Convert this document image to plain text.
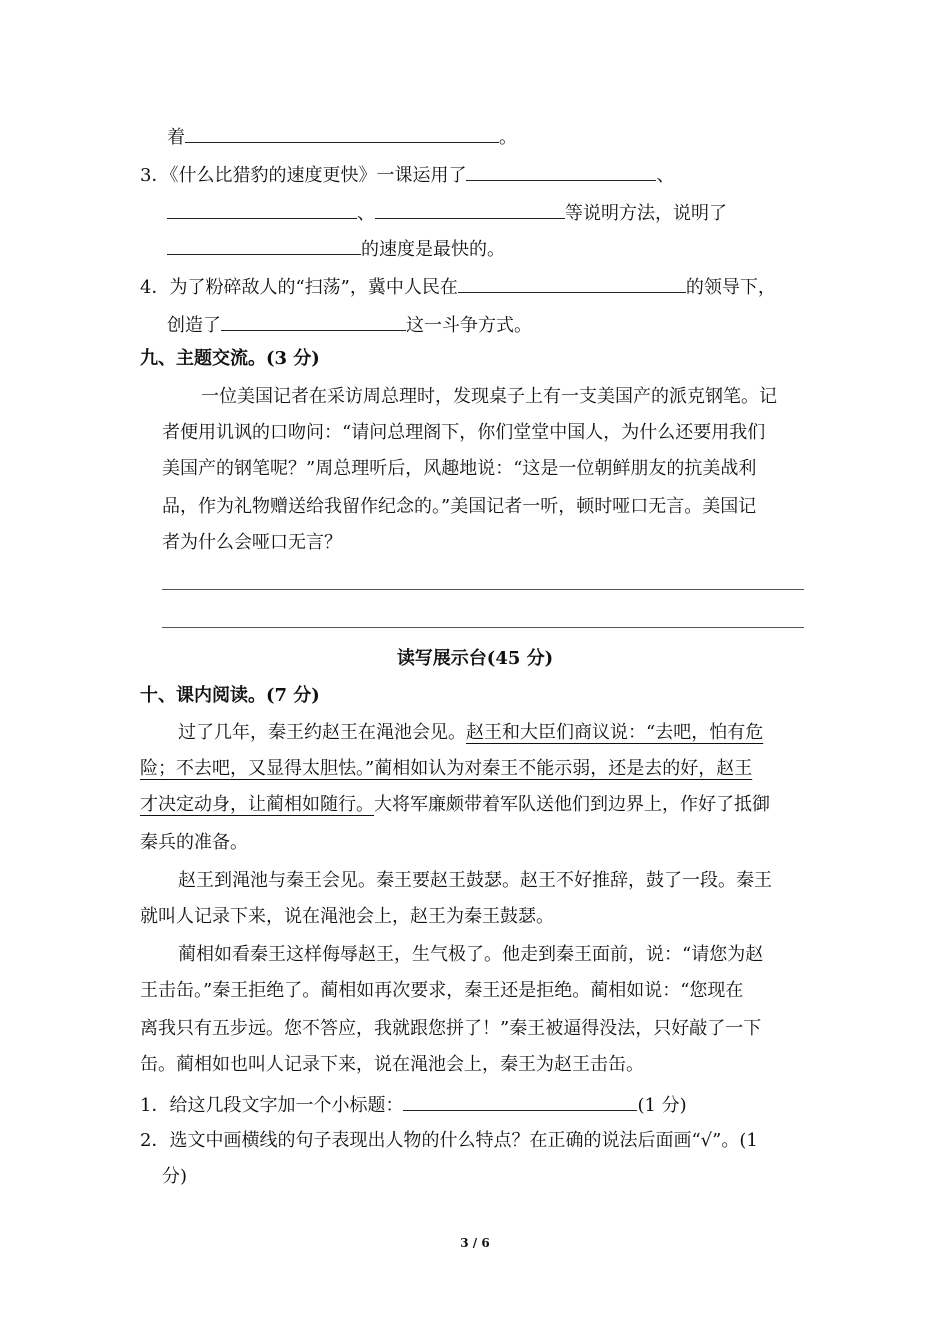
着	。
3．《什么比猎豹的速度更快》一课运用了	、
、	等说明方法，说明了
的速度是最快的。
4．为了粉碎敌人的“扫荡”，冀中人民在	的领导下，
创造了	这一斗争方式。
九、主题交流。(3 分)
一位美国记者在采访周总理时，发现桌子上有一支美国产的派克钢笔。记
者便用讥讽的口吻问：“请问总理阁下，你们堂堂中国人，为什么还要用我们
美国产的钢笔呢？”周总理听后，风趣地说：“这是一位朝鲜朋友的抗美战利
品，作为礼物赠送给我留作纪念的。”美国记者一听，顿时哑口无言。美国记
者为什么会哑口无言？
读写展示台(45 分)
十、课内阅读。(7 分)
过了几年，秦王约赵王在渑池会见。赵王和大臣们商议说：“去吧，怕有危
险；不去吧，又显得太胆怯。”蔺相如认为对秦王不能示弱，还是去的好，赵王
才决定动身，让蔺相如随行。大将军廉颇带着军队送他们到边界上，作好了抵御
秦兵的准备。
赵王到渑池与秦王会见。秦王要赵王鼓瑟。赵王不好推辞，鼓了一段。秦王
就叫人记录下来，说在渑池会上，赵王为秦王鼓瑟。
蔺相如看秦王这样侮辱赵王，生气极了。他走到秦王面前，说：“请您为赵
王击缶。”秦王拒绝了。蔺相如再次要求，秦王还是拒绝。蔺相如说：“您现在
离我只有五步远。您不答应，我就跟您拼了！”秦王被逼得没法，只好敲了一下
缶。蔺相如也叫人记录下来，说在渑池会上，秦王为赵王击缶。
1．给这几段文字加一个小标题：	(1 分)
2．选文中画横线的句子表现出人物的什么特点？在正确的说法后面画“√”。(1
分)
3 / 6
